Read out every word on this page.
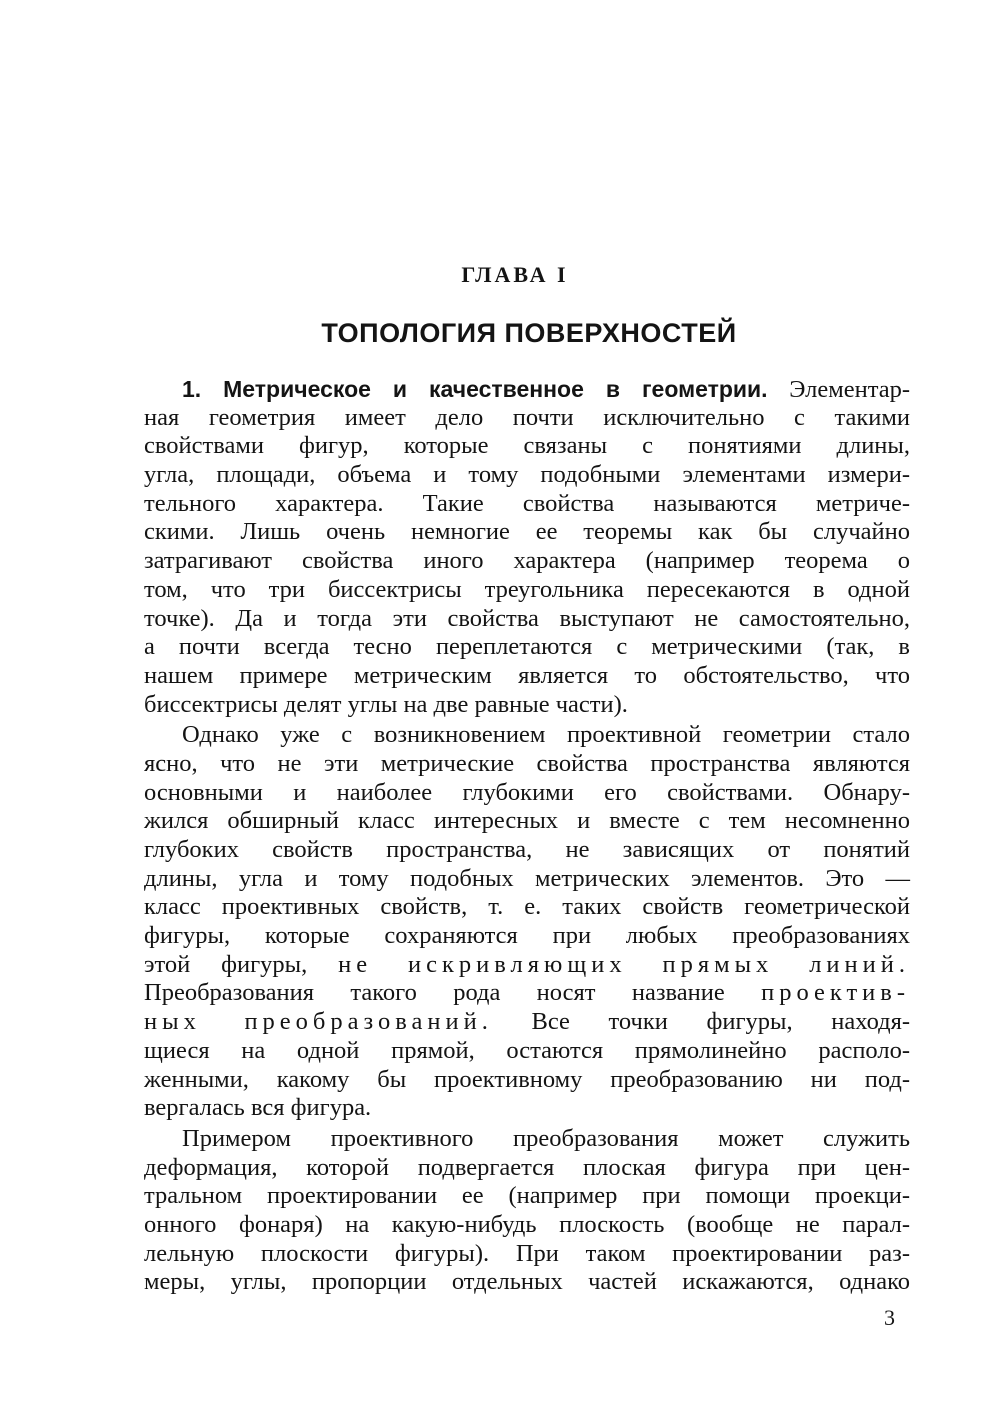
ГЛАВА I
ТОПОЛОГИЯ ПОВЕРХНОСТЕЙ
1. Метрическое и качественное в геометрии. Элементар-
ная геометрия имеет дело почти исключительно с такими
свойствами фигур, которые связаны с понятиями длины,
угла, площади, объема и тому подобными элементами измери-
тельного характера. Такие свойства называются метриче-
скими. Лишь очень немногие ее теоремы как бы случайно
затрагивают свойства иного характера (например теорема о
том, что три биссектрисы треугольника пересекаются в одной
точке). Да и тогда эти свойства выступают не самостоятельно,
а почти всегда тесно переплетаются с метрическими (так, в
нашем примере метрическим является то обстоятельство, что
биссектрисы делят углы на две равные части).
Однако уже с возникновением проективной геометрии стало
ясно, что не эти метрические свойства пространства являются
основными и наиболее глубокими его свойствами. Обнару-
жился обширный класс интересных и вместе с тем несомненно
глубоких свойств пространства, не зависящих от понятий
длины, угла и тому подобных метрических элементов. Это —
класс проективных свойств, т. е. таких свойств геометрической
фигуры, которые сохраняются при любых преобразованиях
этой фигуры, не искривляющих прямых линий.
Преобразования такого рода носят название проектив-
ных преобразований. Все точки фигуры, находя-
щиеся на одной прямой, остаются прямолинейно располо-
женными, какому бы проективному преобразованию ни под-
вергалась вся фигура.
Примером проективного преобразования может служить
деформация, которой подвергается плоская фигура при цен-
тральном проектировании ее (например при помощи проекци-
онного фонаря) на какую-нибудь плоскость (вообще не парал-
лельную плоскости фигуры). При таком проектировании раз-
меры, углы, пропорции отдельных частей искажаются, однако
3
